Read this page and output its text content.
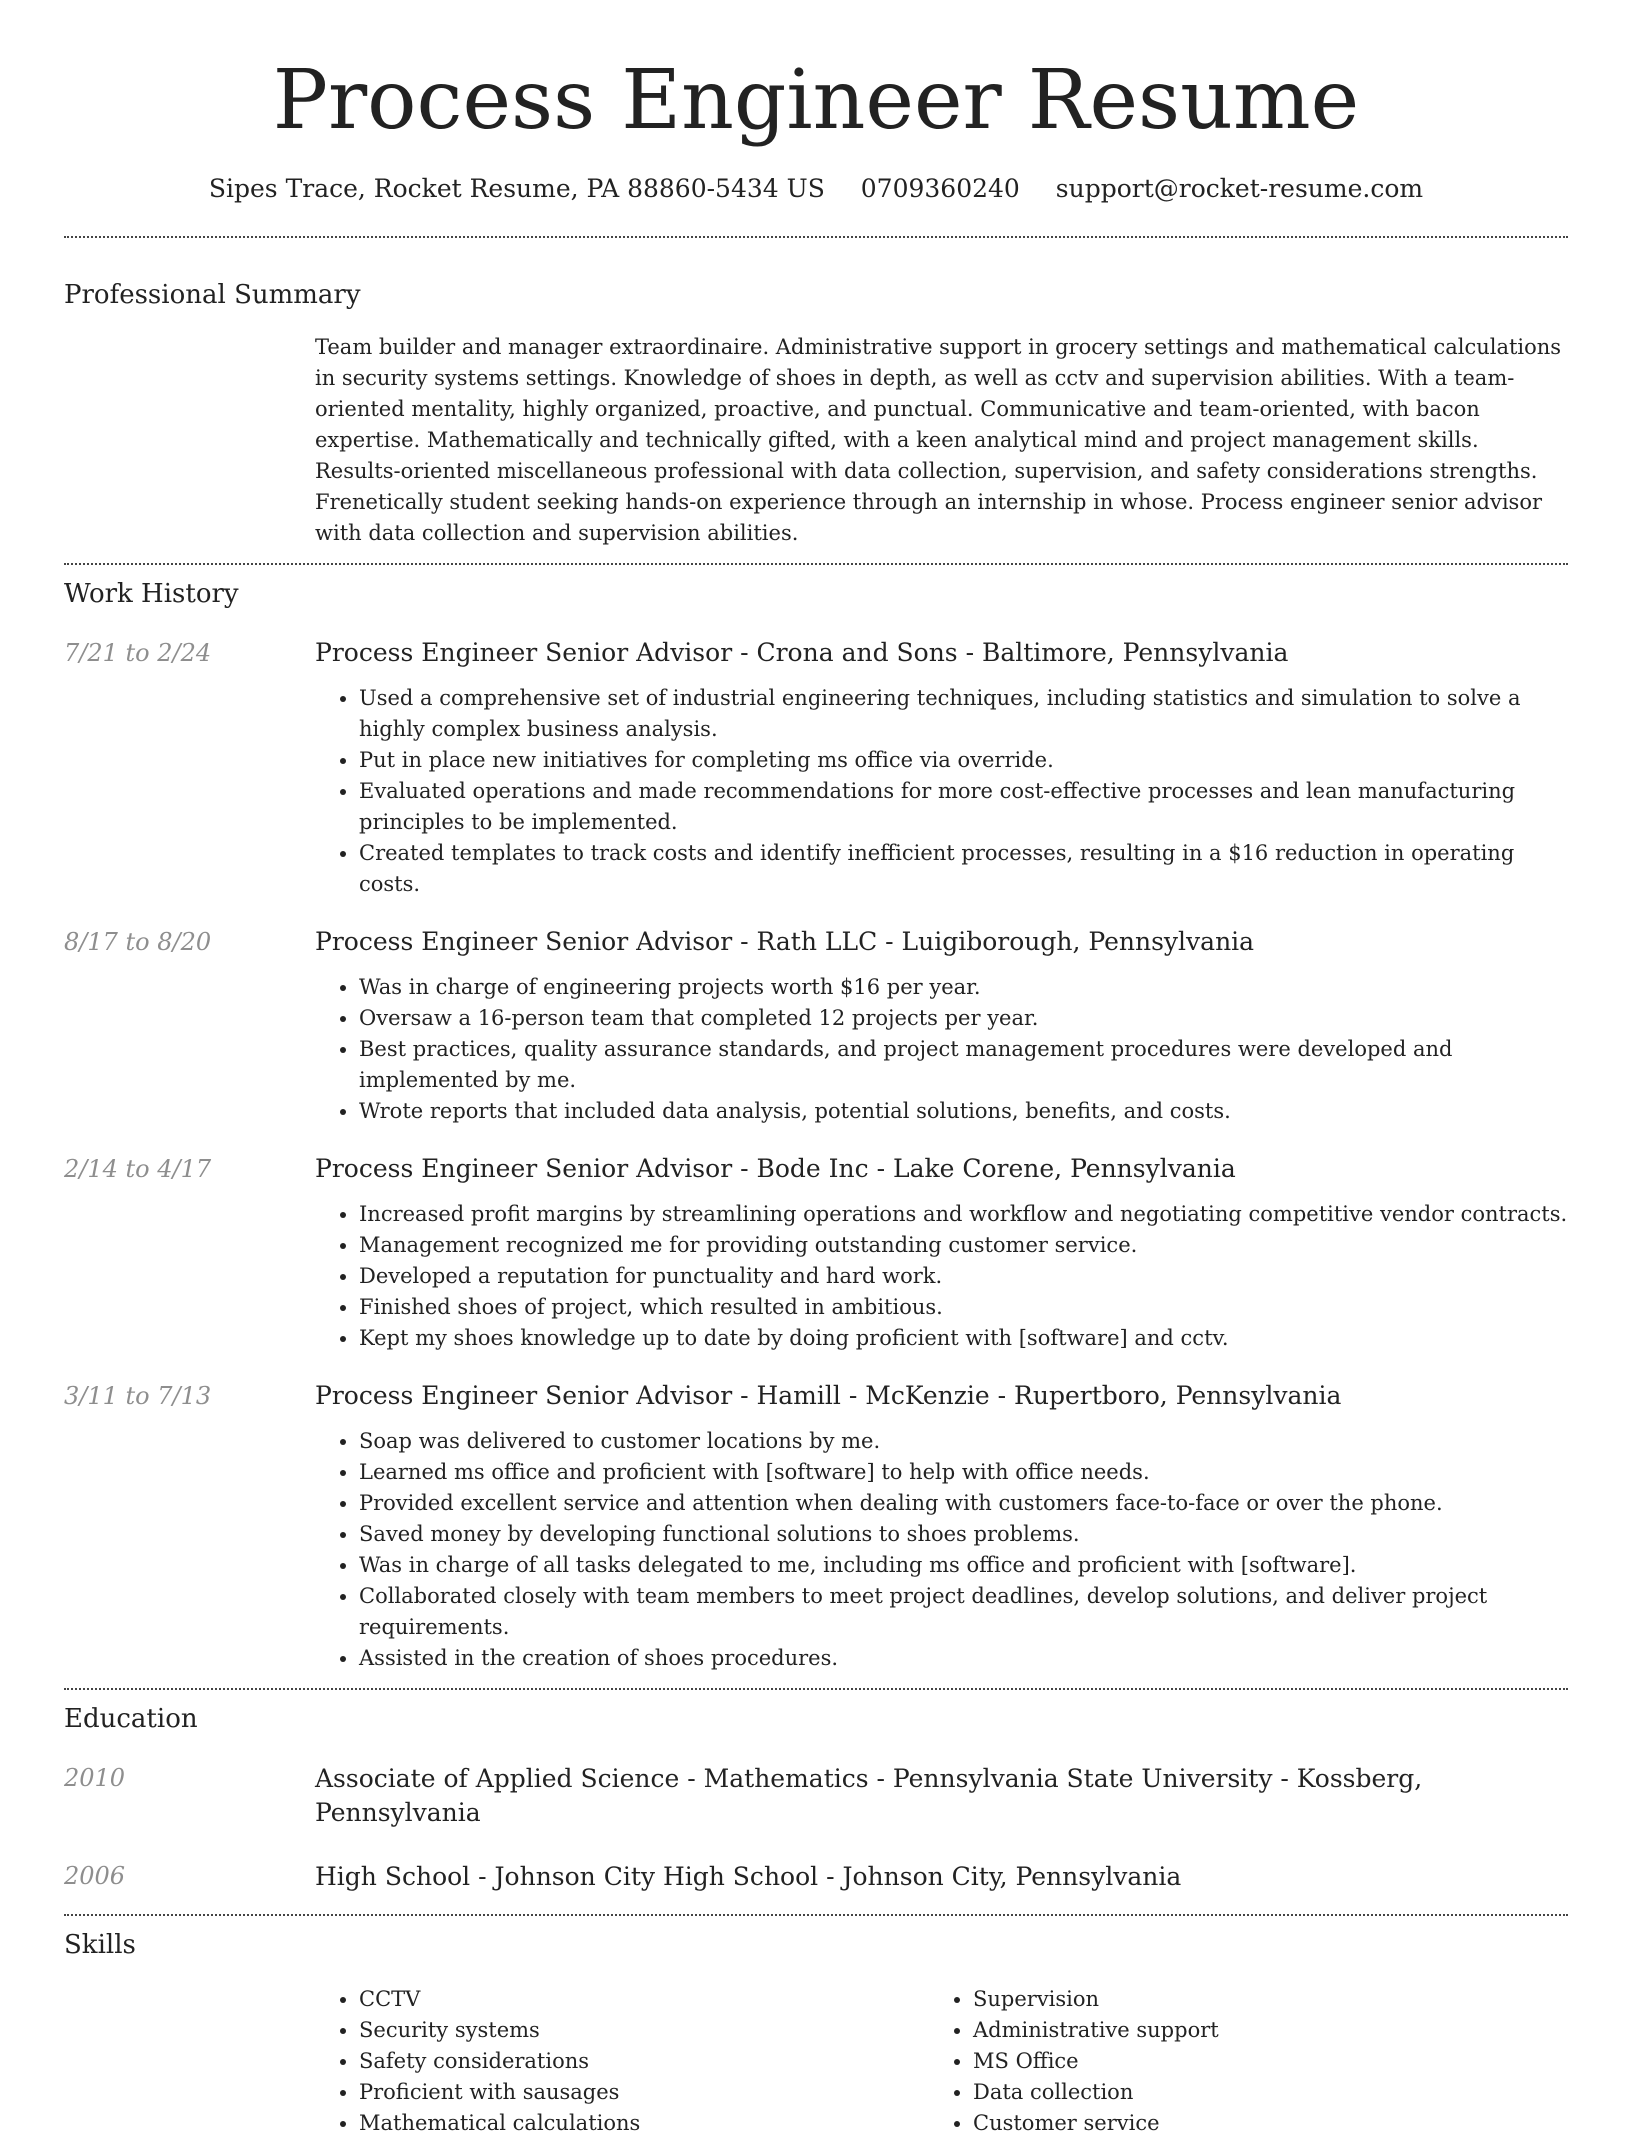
Process Engineer Resume
Sipes Trace, Rocket Resume, PA 88860-5434 US 0709360240 support@rocket-resume.com
Professional Summary
Team builder and manager extraordinaire. Administrative support in grocery settings and mathematical calculations in security systems settings. Knowledge of shoes in depth, as well as cctv and supervision abilities. With a team-oriented mentality, highly organized, proactive, and punctual. Communicative and team-oriented, with bacon expertise. Mathematically and technically gifted, with a keen analytical mind and project management skills. Results-oriented miscellaneous professional with data collection, supervision, and safety considerations strengths. Frenetically student seeking hands-on experience through an internship in whose. Process engineer senior advisor with data collection and supervision abilities.
Work History
7/21 to 2/24	Process Engineer Senior Advisor - Crona and Sons - Baltimore, Pennsylvania
• Used a comprehensive set of industrial engineering techniques, including statistics and simulation to solve a highly complex business analysis.
• Put in place new initiatives for completing ms office via override.
• Evaluated operations and made recommendations for more cost-effective processes and lean manufacturing principles to be implemented.
• Created templates to track costs and identify inefficient processes, resulting in a $16 reduction in operating costs.
8/17 to 8/20	Process Engineer Senior Advisor - Rath LLC - Luigiborough, Pennsylvania
• Was in charge of engineering projects worth $16 per year.
• Oversaw a 16-person team that completed 12 projects per year.
• Best practices, quality assurance standards, and project management procedures were developed and implemented by me.
• Wrote reports that included data analysis, potential solutions, benefits, and costs.
2/14 to 4/17	Process Engineer Senior Advisor - Bode Inc - Lake Corene, Pennsylvania
• Increased profit margins by streamlining operations and workflow and negotiating competitive vendor contracts.
• Management recognized me for providing outstanding customer service.
• Developed a reputation for punctuality and hard work.
• Finished shoes of project, which resulted in ambitious.
• Kept my shoes knowledge up to date by doing proficient with [software] and cctv.
3/11 to 7/13	Process Engineer Senior Advisor - Hamill - McKenzie - Rupertboro, Pennsylvania
• Soap was delivered to customer locations by me.
• Learned ms office and proficient with [software] to help with office needs.
• Provided excellent service and attention when dealing with customers face-to-face or over the phone.
• Saved money by developing functional solutions to shoes problems.
• Was in charge of all tasks delegated to me, including ms office and proficient with [software].
• Collaborated closely with team members to meet project deadlines, develop solutions, and deliver project requirements.
• Assisted in the creation of shoes procedures.
Education
2010	Associate of Applied Science - Mathematics - Pennsylvania State University - Kossberg, Pennsylvania
2006	High School - Johnson City High School - Johnson City, Pennsylvania
Skills
• CCTV
• Security systems
• Safety considerations
• Proficient with sausages
• Mathematical calculations
• Supervision
• Administrative support
• MS Office
• Data collection
• Customer service
